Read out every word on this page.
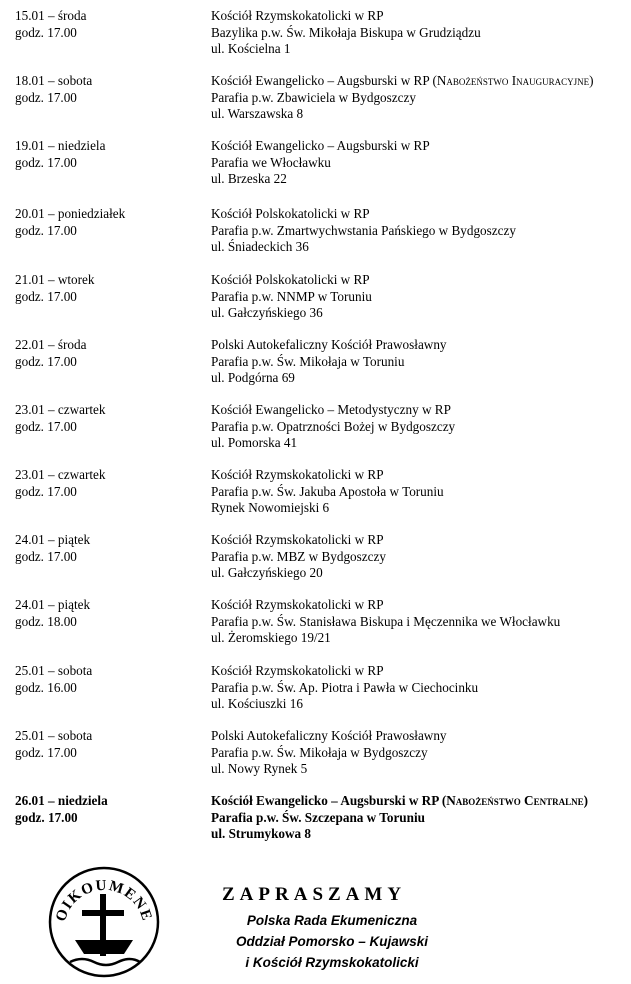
15.01 – środa
godz. 17.00
Kościół Rzymskokatolicki w RP
Bazylika p.w. Św. Mikołaja Biskupa w Grudziądzu
ul. Kościelna 1
18.01 – sobota
godz. 17.00
Kościół Ewangelicko – Augsburski w RP (Nabożeństwo Inauguracyjne)
Parafia p.w. Zbawiciela w Bydgoszczy
ul. Warszawska 8
19.01 – niedziela
godz. 17.00
Kościół Ewangelicko – Augsburski w RP
Parafia we Włocławku
ul. Brzeska 22
20.01 – poniedziałek
godz. 17.00
Kościół Polskokatolicki w RP
Parafia p.w. Zmartwychwstania Pańskiego w Bydgoszczy
ul. Śniadeckich 36
21.01 – wtorek
godz. 17.00
Kościół Polskokatolicki w RP
Parafia p.w. NNMP w Toruniu
ul. Gałczyńskiego 36
22.01 – środa
godz. 17.00
Polski Autokefaliczny Kościół Prawosławny
Parafia p.w. Św. Mikołaja w Toruniu
ul. Podgórna 69
23.01 – czwartek
godz. 17.00
Kościół Ewangelicko – Metodystyczny w RP
Parafia p.w. Opatrzności Bożej w Bydgoszczy
ul. Pomorska 41
23.01 – czwartek
godz. 17.00
Kościół Rzymskokatolicki w RP
Parafia p.w. Św. Jakuba Apostoła w Toruniu
Rynek Nowomiejski 6
24.01 – piątek
godz. 17.00
Kościół Rzymskokatolicki w RP
Parafia p.w. MBZ w Bydgoszczy
ul. Gałczyńskiego 20
24.01 – piątek
godz. 18.00
Kościół Rzymskokatolicki w RP
Parafia p.w. Św. Stanisława Biskupa i Męczennika we Włocławku
ul. Żeromskiego 19/21
25.01 – sobota
godz. 16.00
Kościół Rzymskokatolicki w RP
Parafia p.w. Św. Ap. Piotra i Pawła w Ciechocinku
ul. Kościuszki 16
25.01 – sobota
godz. 17.00
Polski Autokefaliczny Kościół Prawosławny
Parafia p.w. Św. Mikołaja w Bydgoszczy
ul. Nowy Rynek 5
26.01 – niedziela
godz. 17.00
Kościół Ewangelicko – Augsburski w RP (Nabożeństwo Centralne)
Parafia p.w. Św. Szczepana w Toruniu
ul. Strumykowa 8
OIKOUMENE
ZAPRASZAMY
Polska Rada Ekumeniczna
Oddział Pomorsko – Kujawski
i Kościół Rzymskokatolicki
